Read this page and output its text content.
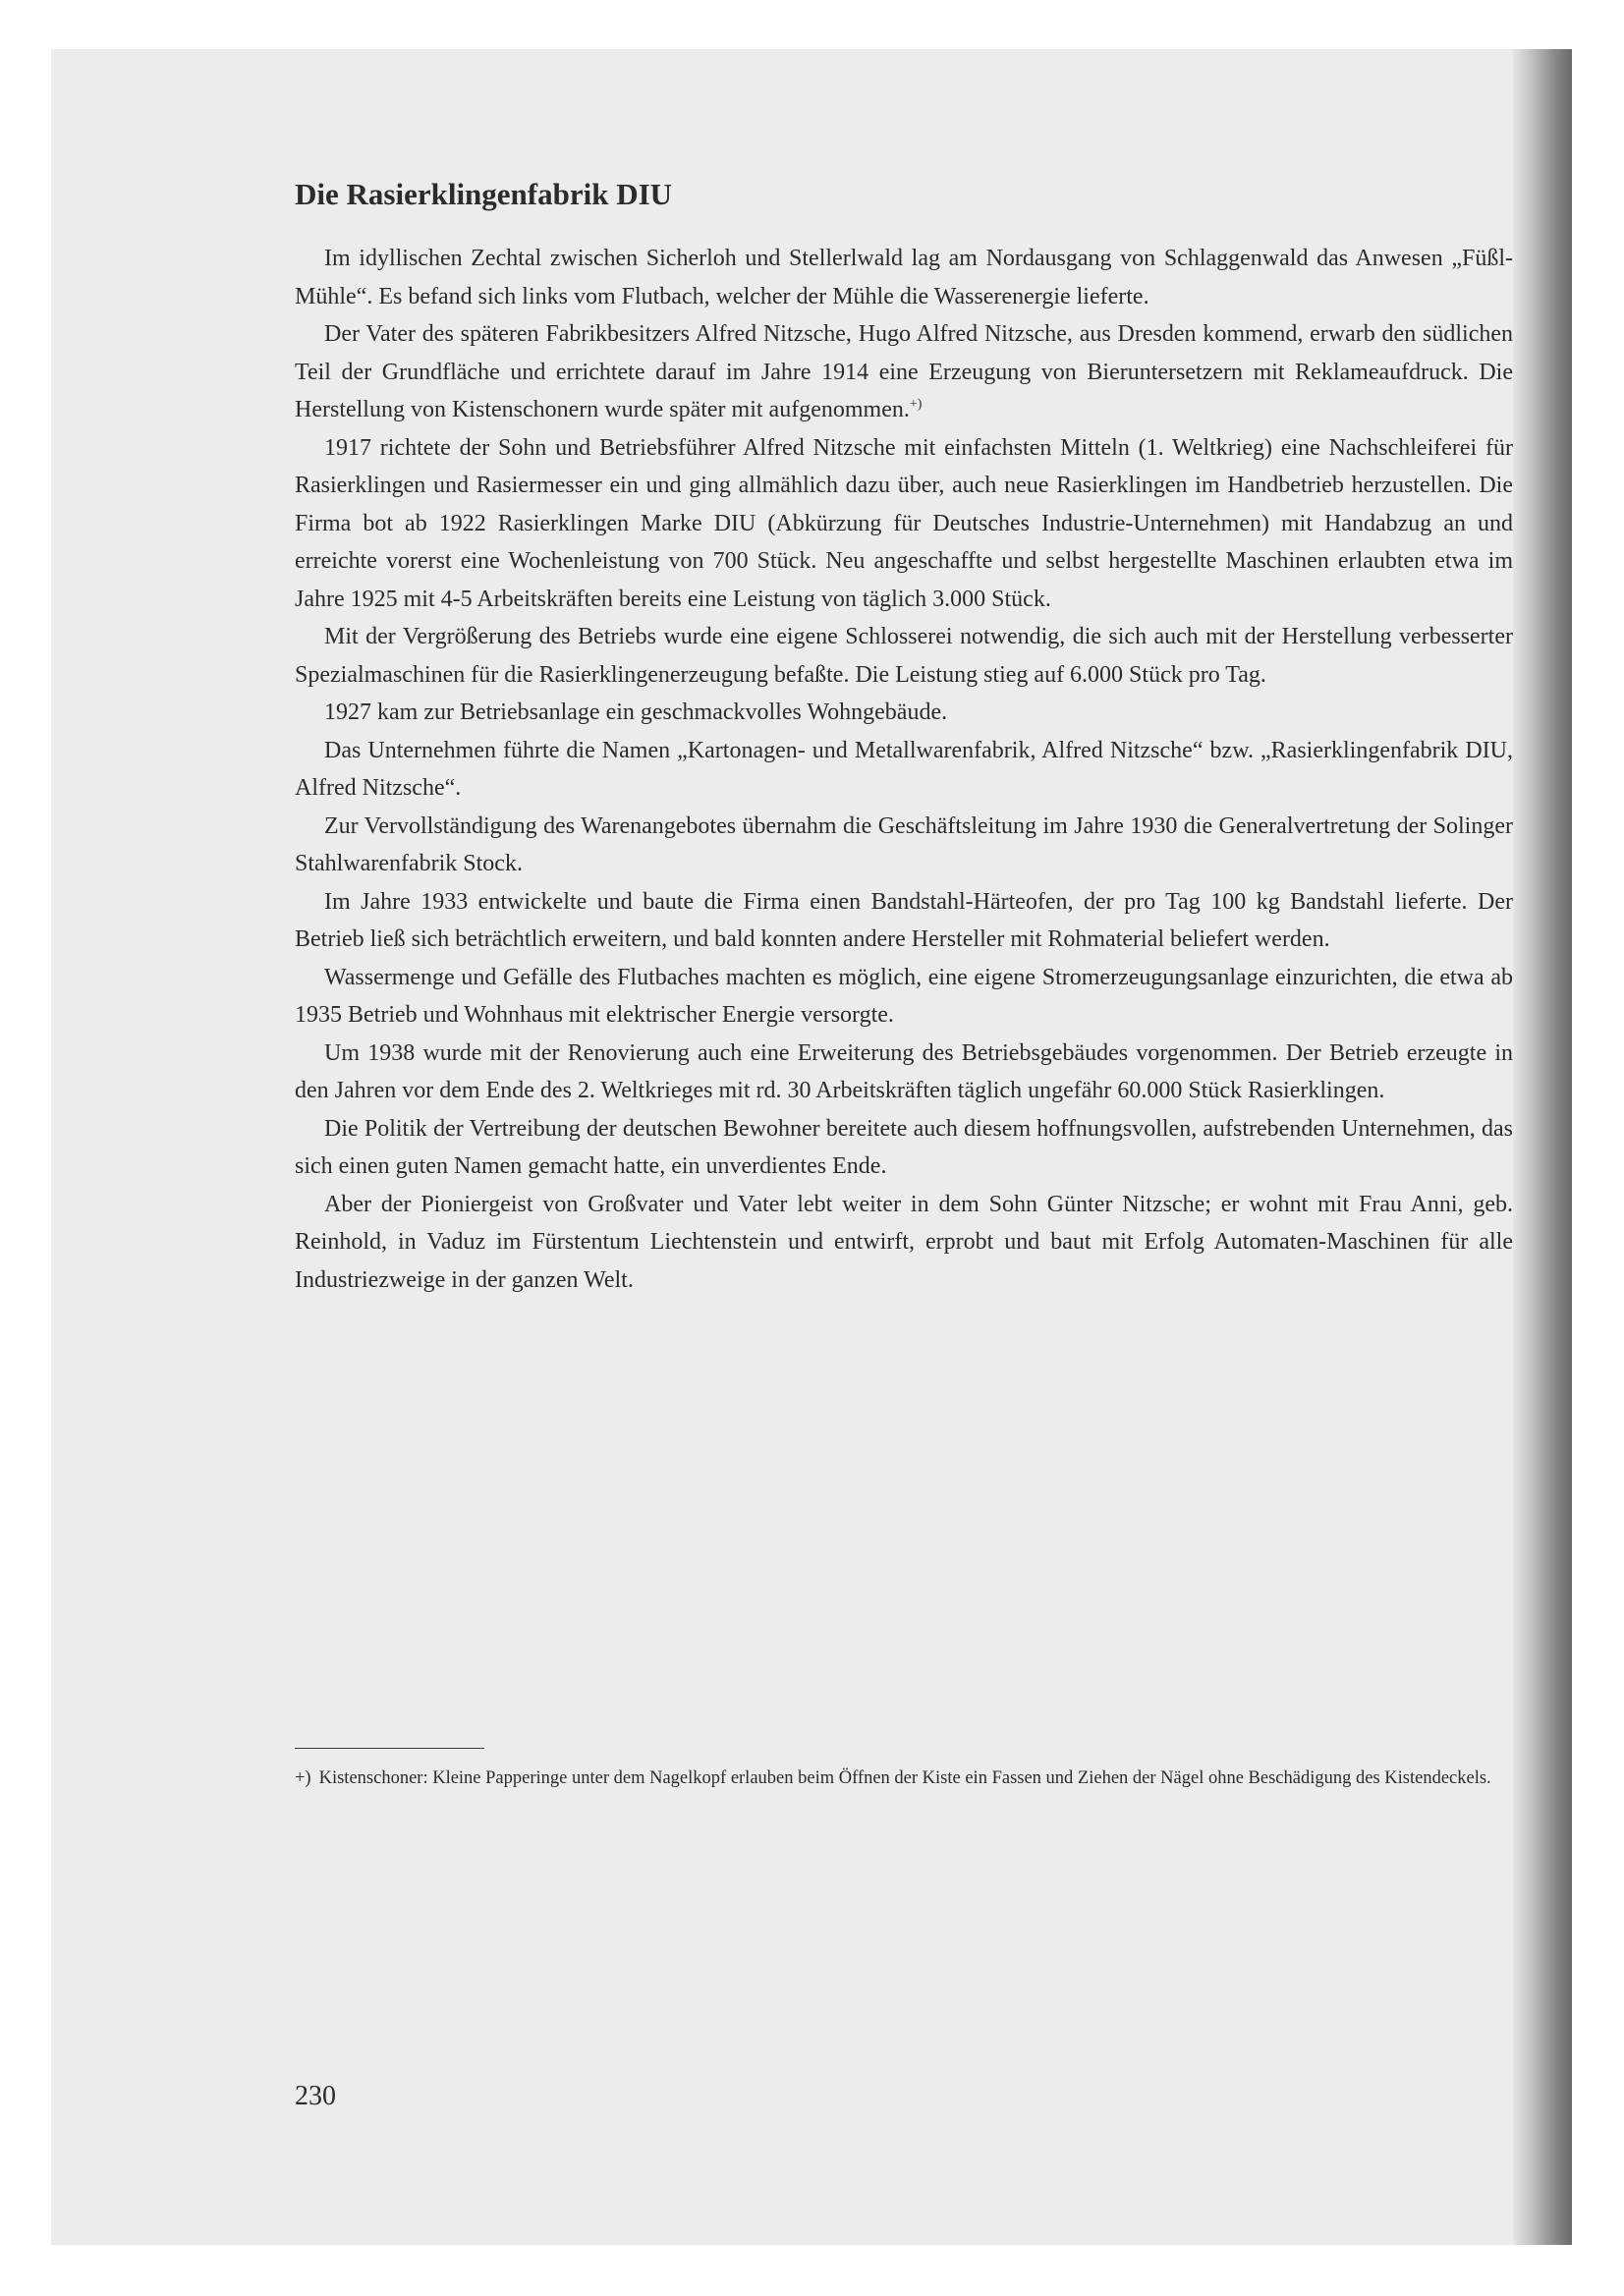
Die Rasierklingenfabrik DIU

Im idyllischen Zechtal zwischen Sicherloh und Stellerlwald lag am Nordausgang von Schlaggenwald das Anwesen „Füßl-Mühle“. Es befand sich links vom Flutbach, welcher der Mühle die Wasserenergie lieferte.

Der Vater des späteren Fabrikbesitzers Alfred Nitzsche, Hugo Alfred Nitzsche, aus Dresden kommend, erwarb den südlichen Teil der Grundfläche und errichtete darauf im Jahre 1914 eine Erzeugung von Bieruntersetzern mit Reklameaufdruck. Die Herstellung von Kistenschonern wurde später mit aufgenommen.+)

1917 richtete der Sohn und Betriebsführer Alfred Nitzsche mit einfachsten Mitteln (1. Weltkrieg) eine Nachschleiferei für Rasierklingen und Rasiermesser ein und ging allmählich dazu über, auch neue Rasierklingen im Handbetrieb herzustellen. Die Firma bot ab 1922 Rasierklingen Marke DIU (Abkürzung für Deutsches Industrie-Unternehmen) mit Handabzug an und erreichte vorerst eine Wochenleistung von 700 Stück. Neu angeschaffte und selbst hergestellte Maschinen erlaubten etwa im Jahre 1925 mit 4-5 Arbeitskräften bereits eine Leistung von täglich 3.000 Stück.

Mit der Vergrößerung des Betriebs wurde eine eigene Schlosserei notwendig, die sich auch mit der Herstellung verbesserter Spezialmaschinen für die Rasierklingenerzeugung befaßte. Die Leistung stieg auf 6.000 Stück pro Tag.

1927 kam zur Betriebsanlage ein geschmackvolles Wohngebäude.

Das Unternehmen führte die Namen „Kartonagen- und Metallwarenfabrik, Alfred Nitzsche“ bzw. „Rasierklingenfabrik DIU, Alfred Nitzsche“.

Zur Vervollständigung des Warenangebotes übernahm die Geschäftsleitung im Jahre 1930 die Generalvertretung der Solinger Stahlwarenfabrik Stock.

Im Jahre 1933 entwickelte und baute die Firma einen Bandstahl-Härteofen, der pro Tag 100 kg Bandstahl lieferte. Der Betrieb ließ sich beträchtlich erweitern, und bald konnten andere Hersteller mit Rohmaterial beliefert werden.

Wassermenge und Gefälle des Flutbaches machten es möglich, eine eigene Stromerzeugungsanlage einzurichten, die etwa ab 1935 Betrieb und Wohnhaus mit elektrischer Energie versorgte.

Um 1938 wurde mit der Renovierung auch eine Erweiterung des Betriebsgebäudes vorgenommen. Der Betrieb erzeugte in den Jahren vor dem Ende des 2. Weltkrieges mit rd. 30 Arbeitskräften täglich ungefähr 60.000 Stück Rasierklingen.

Die Politik der Vertreibung der deutschen Bewohner bereitete auch diesem hoffnungsvollen, aufstrebenden Unternehmen, das sich einen guten Namen gemacht hatte, ein unverdientes Ende.

Aber der Pioniergeist von Großvater und Vater lebt weiter in dem Sohn Günter Nitzsche; er wohnt mit Frau Anni, geb. Reinhold, in Vaduz im Fürstentum Liechtenstein und entwirft, erprobt und baut mit Erfolg Automaten-Maschinen für alle Industriezweige in der ganzen Welt.

+) Kistenschoner: Kleine Papperinge unter dem Nagelkopf erlauben beim Öffnen der Kiste ein Fassen und Ziehen der Nägel ohne Beschädigung des Kistendeckels.

230
